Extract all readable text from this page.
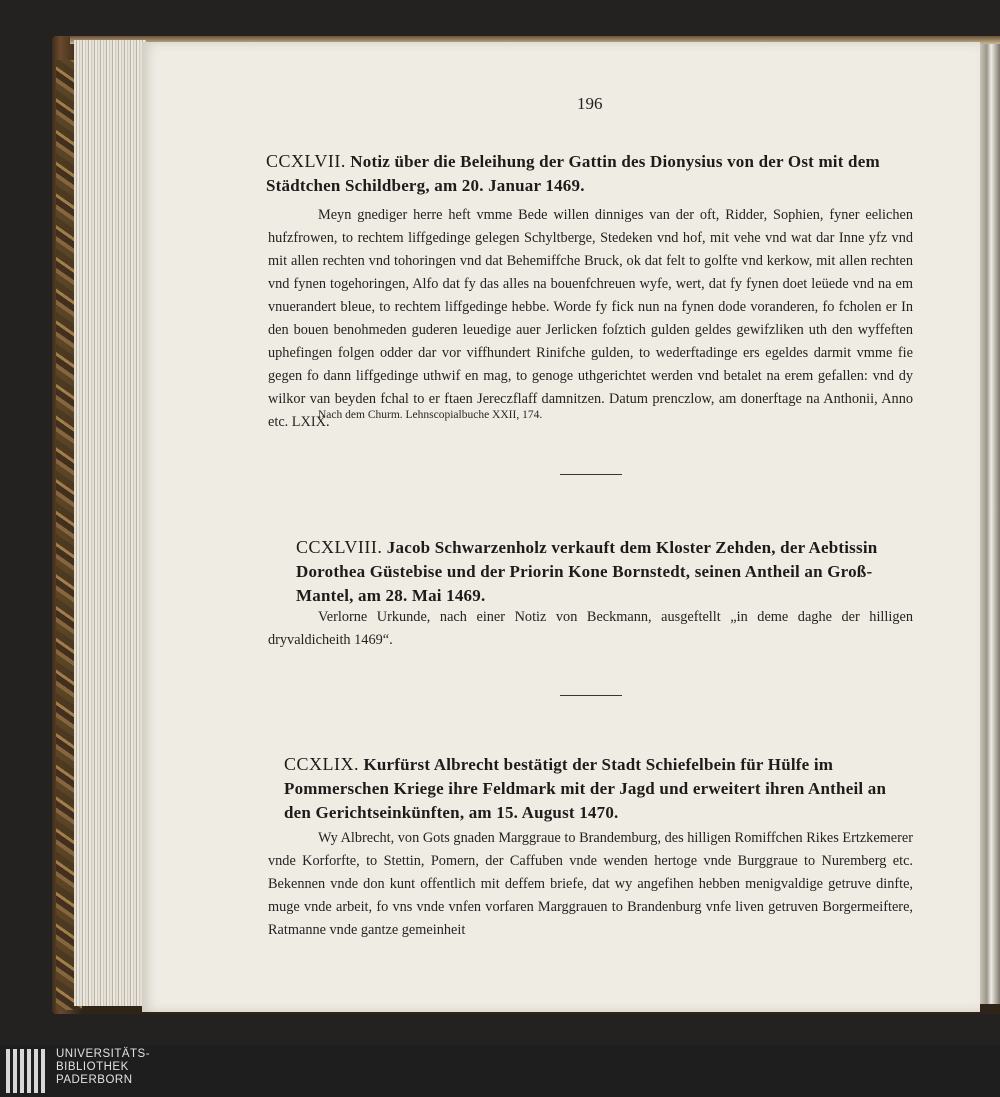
196
CCXLVII. Notiz über die Beleihung der Gattin des Dionysius von der Ost mit dem Städtchen Schildberg, am 20. Januar 1469.
Meyn gnediger herre heft vmme Bede willen dinniges van der oft, Ridder, Sophien, fyner eelichen hufzfrowen, to rechtem liffgedinge gelegen Schyltberge, Stedeken vnd hof, mit vehe vnd wat dar Inne yfz vnd mit allen rechten vnd tohoringen vnd dat Behemiffche Bruck, ok dat felt to golfte vnd kerkow, mit allen rechten vnd fynen togehoringen, Alfo dat fy das alles na bouenfchreuen wyfe, wert, dat fy fynen doet leüede vnd na em vnuerandert bleue, to rechtem liffgedinge hebbe. Worde fy fick nun na fynen dode voranderen, fo fcholen er In den bouen benohmeden guderen leuedige auer Jerlicken foſztich gulden geldes gewifzliken uth den wyffeften uphefingen folgen odder dar vor viffhundert Rinifche gulden, to wederftadinge ers egeldes darmit vmme fie gegen fo dann liffgedinge uthwif en mag, to genoge uthgerichtet werden vnd betalet na erem gefallen: vnd dy wilkor van beyden fchal to er ftaen Jereczflaff damnitzen. Datum prenczlow, am donerftage na Anthonii, Anno etc. LXIX.
Nach dem Churm. Lehnscopialbuche XXII, 174.
CCXLVIII. Jacob Schwarzenholz verkauft dem Kloster Zehden, der Aebtissin Dorothea Güstebise und der Priorin Kone Bornstedt, seinen Antheil an Groß-Mantel, am 28. Mai 1469.
Verlorne Urkunde, nach einer Notiz von Beckmann, ausgeftellt „in deme daghe der hilligen dryvaldicheith 1469“.
CCXLIX. Kurfürst Albrecht bestätigt der Stadt Schiefelbein für Hülfe im Pommerschen Kriege ihre Feldmark mit der Jagd und erweitert ihren Antheil an den Gerichtseinkünften, am 15. August 1470.
Wy Albrecht, von Gots gnaden Marggraue to Brandemburg, des hilligen Romiffchen Rikes Ertzkemerer vnde Korforfte, to Stettin, Pomern, der Caffuben vnde wenden hertoge vnde Burggraue to Nuremberg etc. Bekennen vnde don kunt offentlich mit deffem briefe, dat wy angefihen hebben menigvaldige getruve dinfte, muge vnde arbeit, fo vns vnde vnfen vorfaren Marggrauen to Brandenburg vnfe liven getruven Borgermeiftere, Ratmanne vnde gantze gemeinheit
UNIVERSITÄTS-
BIBLIOTHEK
PADERBORN
